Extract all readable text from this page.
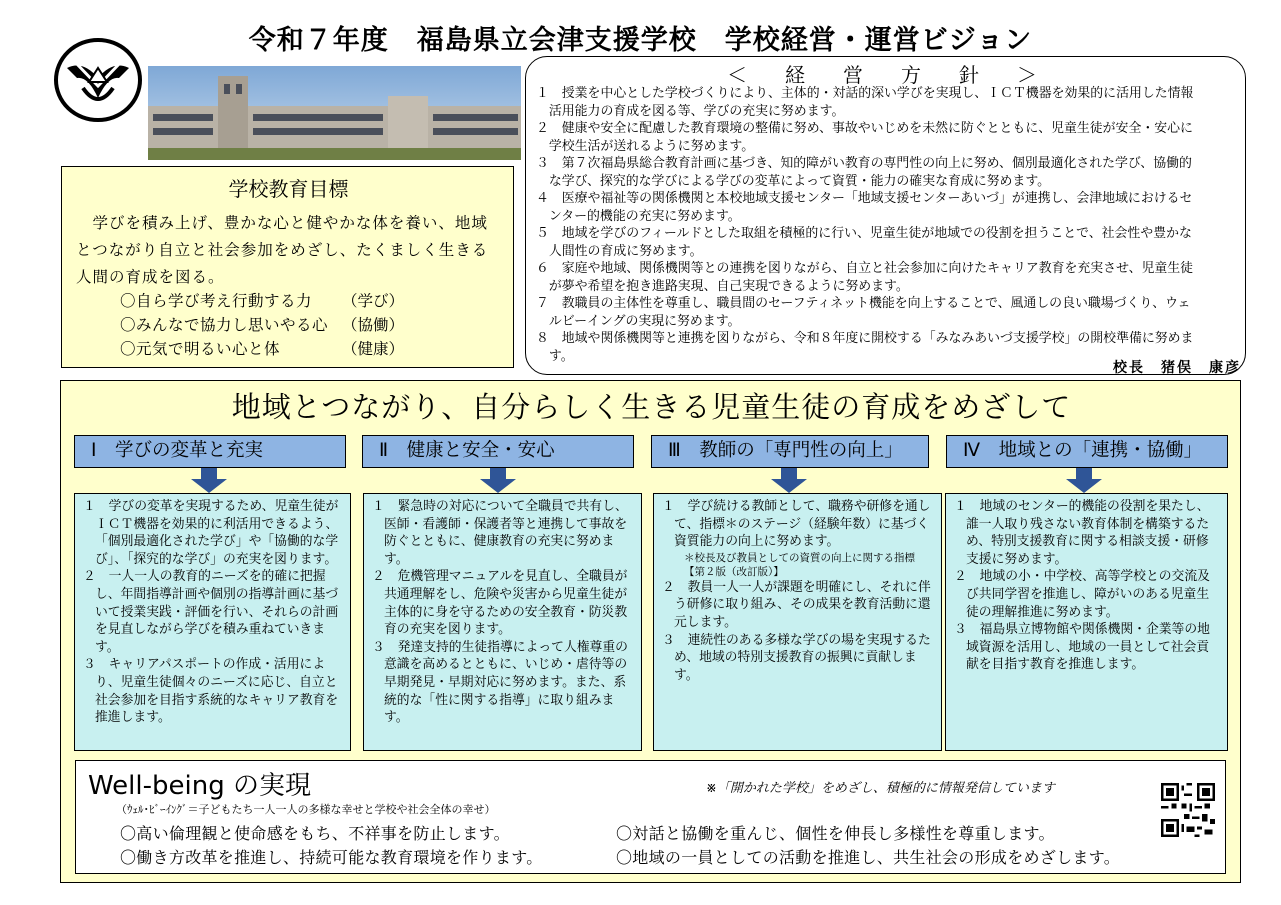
令和７年度　福島県立会津支援学校　学校経営・運営ビジョン
学校教育目標
　学びを積み上げ、豊かな心と健やかな体を養い、地域
とつながり自立と社会参加をめざし、たくましく生きる
人間の育成を図る。
〇自ら学び考え行動する力 （学び）
〇みんなで協力し思いやる心 （協働）
〇元気で明るい心と体	（健康）
＜　経　営　方　針　＞
１　授業を中心とした学校づくりにより、主体的・対話的深い学びを実現し、ＩＣＴ機器を効果的に活用した情報
　活用能力の育成を図る等、学びの充実に努めます。
２　健康や安全に配慮した教育環境の整備に努め、事故やいじめを未然に防ぐとともに、児童生徒が安全・安心に
　学校生活が送れるように努めます。
３　第７次福島県総合教育計画に基づき、知的障がい教育の専門性の向上に努め、個別最適化された学び、協働的
　な学び、探究的な学びによる学びの変革によって資質・能力の確実な育成に努めます。
４　医療や福祉等の関係機関と本校地域支援センター「地域支援センターあいづ」が連携し、会津地域におけるセ
　ンター的機能の充実に努めます。
５　地域を学びのフィールドとした取組を積極的に行い、児童生徒が地域での役割を担うことで、社会性や豊かな
　人間性の育成に努めます。
６　家庭や地域、関係機関等との連携を図りながら、自立と社会参加に向けたキャリア教育を充実させ、児童生徒
　が夢や希望を抱き進路実現、自己実現できるように努めます。
７　教職員の主体性を尊重し、職員間のセーフティネット機能を向上することで、風通しの良い職場づくり、ウェ
　ルビーイングの実現に努めます。
８　地域や関係機関等と連携を図りながら、令和８年度に開校する「みなみあいづ支援学校」の開校準備に努めま
　す。
校長　猪俣　康彦
地域とつながり、自分らしく生きる児童生徒の育成をめざして
Ⅰ　学びの変革と充実

１　学びの変革を実現するため、児童生徒がＩＣＴ機器を効果的に利活用できるよう、「個別最適化された学び」や「協働的な学び」、「探究的な学び」の充実を図ります。

２　一人一人の教育的ニーズを的確に把握し、年間指導計画や個別の指導計画に基づいて授業実践・評価を行い、それらの計画を見直しながら学びを積み重ねていきます。

３　キャリアパスポートの作成・活用により、児童生徒個々のニーズに応じ、自立と社会参加を目指す系統的なキャリア教育を推進します。

Ⅱ　健康と安全・安心

１　緊急時の対応について全職員で共有し、医師・看護師・保護者等と連携して事故を防ぐとともに、健康教育の充実に努めます。

２　危機管理マニュアルを見直し、全職員が共通理解をし、危険や災害から児童生徒が主体的に身を守るための安全教育・防災教育の充実を図ります。

３　発達支持的生徒指導によって人権尊重の意識を高めるとともに、いじめ・虐待等の早期発見・早期対応に努めます。また、系統的な「性に関する指導」に取り組みます。

Ⅲ　教師の「専門性の向上」

１　学び続ける教師として、職務や研修を通して、指標＊のステージ（経験年数）に基づく資質能力の向上に努めます。

＊校長及び教員としての資質の向上に関する指標【第２版（改訂版）】

２　教員一人一人が課題を明確にし、それに伴う研修に取り組み、その成果を教育活動に還元します。

３　連続性のある多様な学びの場を実現するため、地域の特別支援教育の振興に貢献します。

Ⅳ　地域との「連携・協働」

１　地域のセンター的機能の役割を果たし、誰一人取り残さない教育体制を構築するため、特別支援教育に関する相談支援・研修支援に努めます。

２　地域の小・中学校、高等学校との交流及び共同学習を推進し、障がいのある児童生徒の理解推進に努めます。

３　福島県立博物館や関係機関・企業等の地域資源を活用し、地域の一員として社会貢献を目指す教育を推進します。

Well-being の実現	※「開かれた学校」をめざし、積極的に情報発信しています
（ｳｪﾙ･ﾋﾞｰｲﾝｸﾞ＝子どもたち一人一人の多様な幸せと学校や社会全体の幸せ）
〇高い倫理観と使命感をもち、不祥事を防止します。	〇対話と協働を重んじ、個性を伸長し多様性を尊重します。
〇働き方改革を推進し、持続可能な教育環境を作ります。	〇地域の一員としての活動を推進し、共生社会の形成をめざします。
